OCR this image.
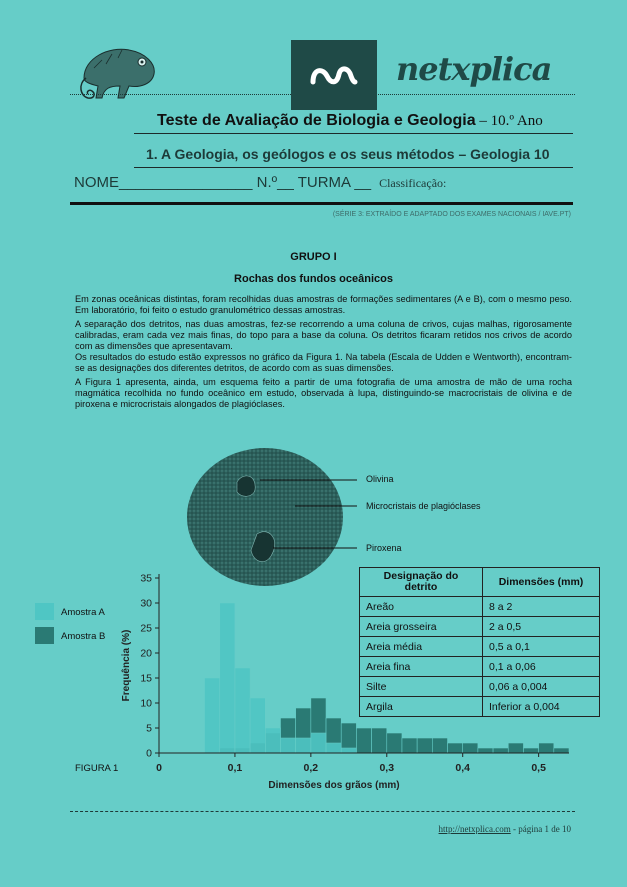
netxplica
Teste de Avaliação de Biologia e Geologia – 10.º Ano
1. A Geologia, os geólogos e os seus métodos – Geologia 10
NOME________________ N.º__ TURMA __ Classificação:
(SÉRIE 3: EXTRAÍDO E ADAPTADO DOS EXAMES NACIONAIS / IAVE.PT)
GRUPO I
Rochas dos fundos oceânicos

Em zonas oceânicas distintas, foram recolhidas duas amostras de formações sedimentares (A e B), com o mesmo peso. Em laboratório, foi feito o estudo granulométrico dessas amostras.

A separação dos detritos, nas duas amostras, fez-se recorrendo a uma coluna de crivos, cujas malhas, rigorosamente calibradas, eram cada vez mais finas, do topo para a base da coluna. Os detritos ficaram retidos nos crivos de acordo com as dimensões que apresentavam.

Os resultados do estudo estão expressos no gráfico da Figura 1. Na tabela (Escala de Udden e Wentworth), encontram-se as designações dos diferentes detritos, de acordo com as suas dimensões.

A Figura 1 apresenta, ainda, um esquema feito a partir de uma fotografia de uma amostra de mão de uma rocha magmática recolhida no fundo oceânico em estudo, observada à lupa, distinguindo-se macrocristais de olivina e de piroxena e microcristais alongados de plagióclases.

Olivina
Microcristais de plagióclases
Piroxena
0
5
10
15
20
25
30
35
0	0,1	0,2	0,3	0,4	0,5
Dimensões dos grãos (mm)
Frequência (%)
Amostra A
Amostra B
Designação do detrito	Dimensões (mm)
Areão	8 a 2
Areia grosseira	2 a 0,5
Areia média	0,5 a 0,1
Areia fina	0,1 a 0,06
Silte	0,06 a 0,004
Argila	Inferior a 0,004
FIGURA 1
http://netxplica.com - página 1 de 10
